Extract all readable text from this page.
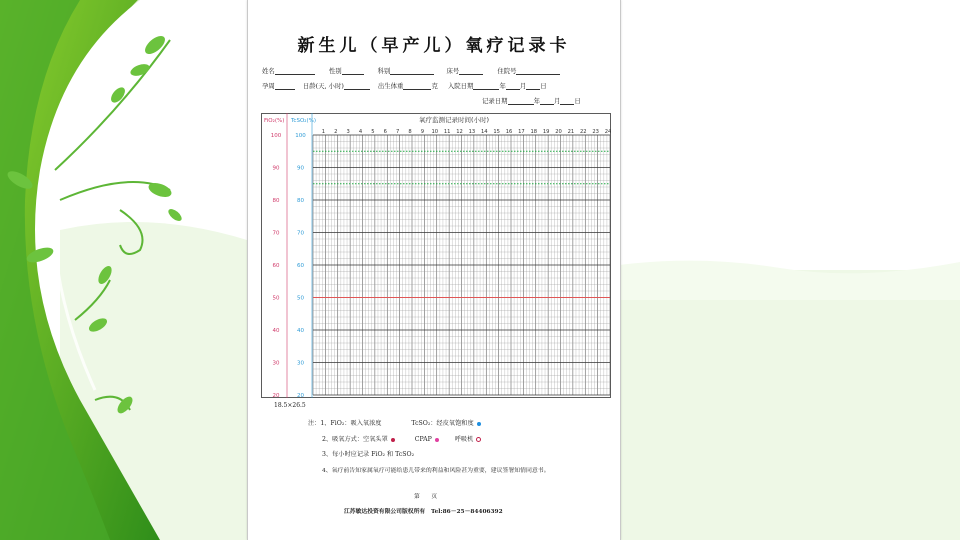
新生儿（早产儿）氧疗记录卡
姓名	性别	科别	床号	住院号
孕周	日龄(天, 小时)	出生体重	克 入院日期	年 月 日
记录日期	年 月 日
1 2 3 4 5 6 7 8 9 10 11 12 13 14 15 16 17 18 19 20 21 22 23 24
100	100
90	90
80	80
70	70
60	60
50	50
40	40
30	30
20	20
FiO₂(%) TcSO₂(%)	氧疗监测记录时间(小时)
18.5×26.5
注：1、FiO₂：吸入氧浓度	TcSO₂：经皮氧饱和度
2、吸氧方式：空氧头罩	CPAP	呼吸机
3、每小时应记录 FiO₂ 和 TcSO₂
4、氧疗前告知家属氧疗可能给患儿带来的利益和风险甚为重要，建议签署知情同意书。
第　　页
江苏敏达投资有限公司版权所有　Tel:86－25－84406392
